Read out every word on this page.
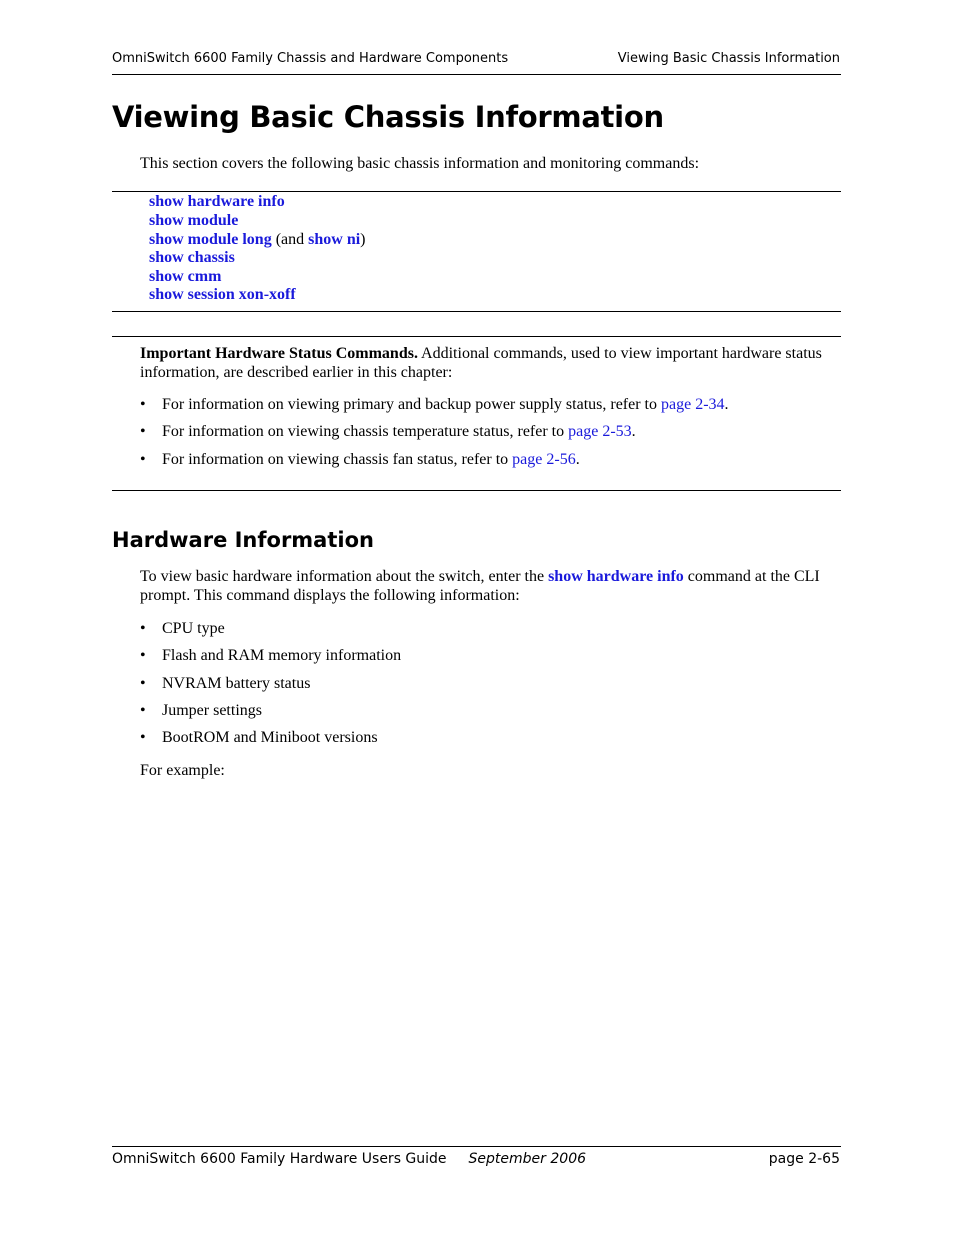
OmniSwitch 6600 Family Chassis and Hardware Components	Viewing Basic Chassis Information
Viewing Basic Chassis Information
This section covers the following basic chassis information and monitoring commands:
show hardware info
show module
show module long (and show ni)
show chassis
show cmm
show session xon-xoff
Important Hardware Status Commands. Additional commands, used to view important hardware status information, are described earlier in this chapter:
• For information on viewing primary and backup power supply status, refer to page 2-34.
• For information on viewing chassis temperature status, refer to page 2-53.
• For information on viewing chassis fan status, refer to page 2-56.
Hardware Information
To view basic hardware information about the switch, enter the show hardware info command at the CLI prompt. This command displays the following information:
• CPU type
• Flash and RAM memory information
• NVRAM battery status
• Jumper settings
• BootROM and Miniboot versions
For example:
OmniSwitch 6600 Family Hardware Users Guide September 2006	page 2-65
